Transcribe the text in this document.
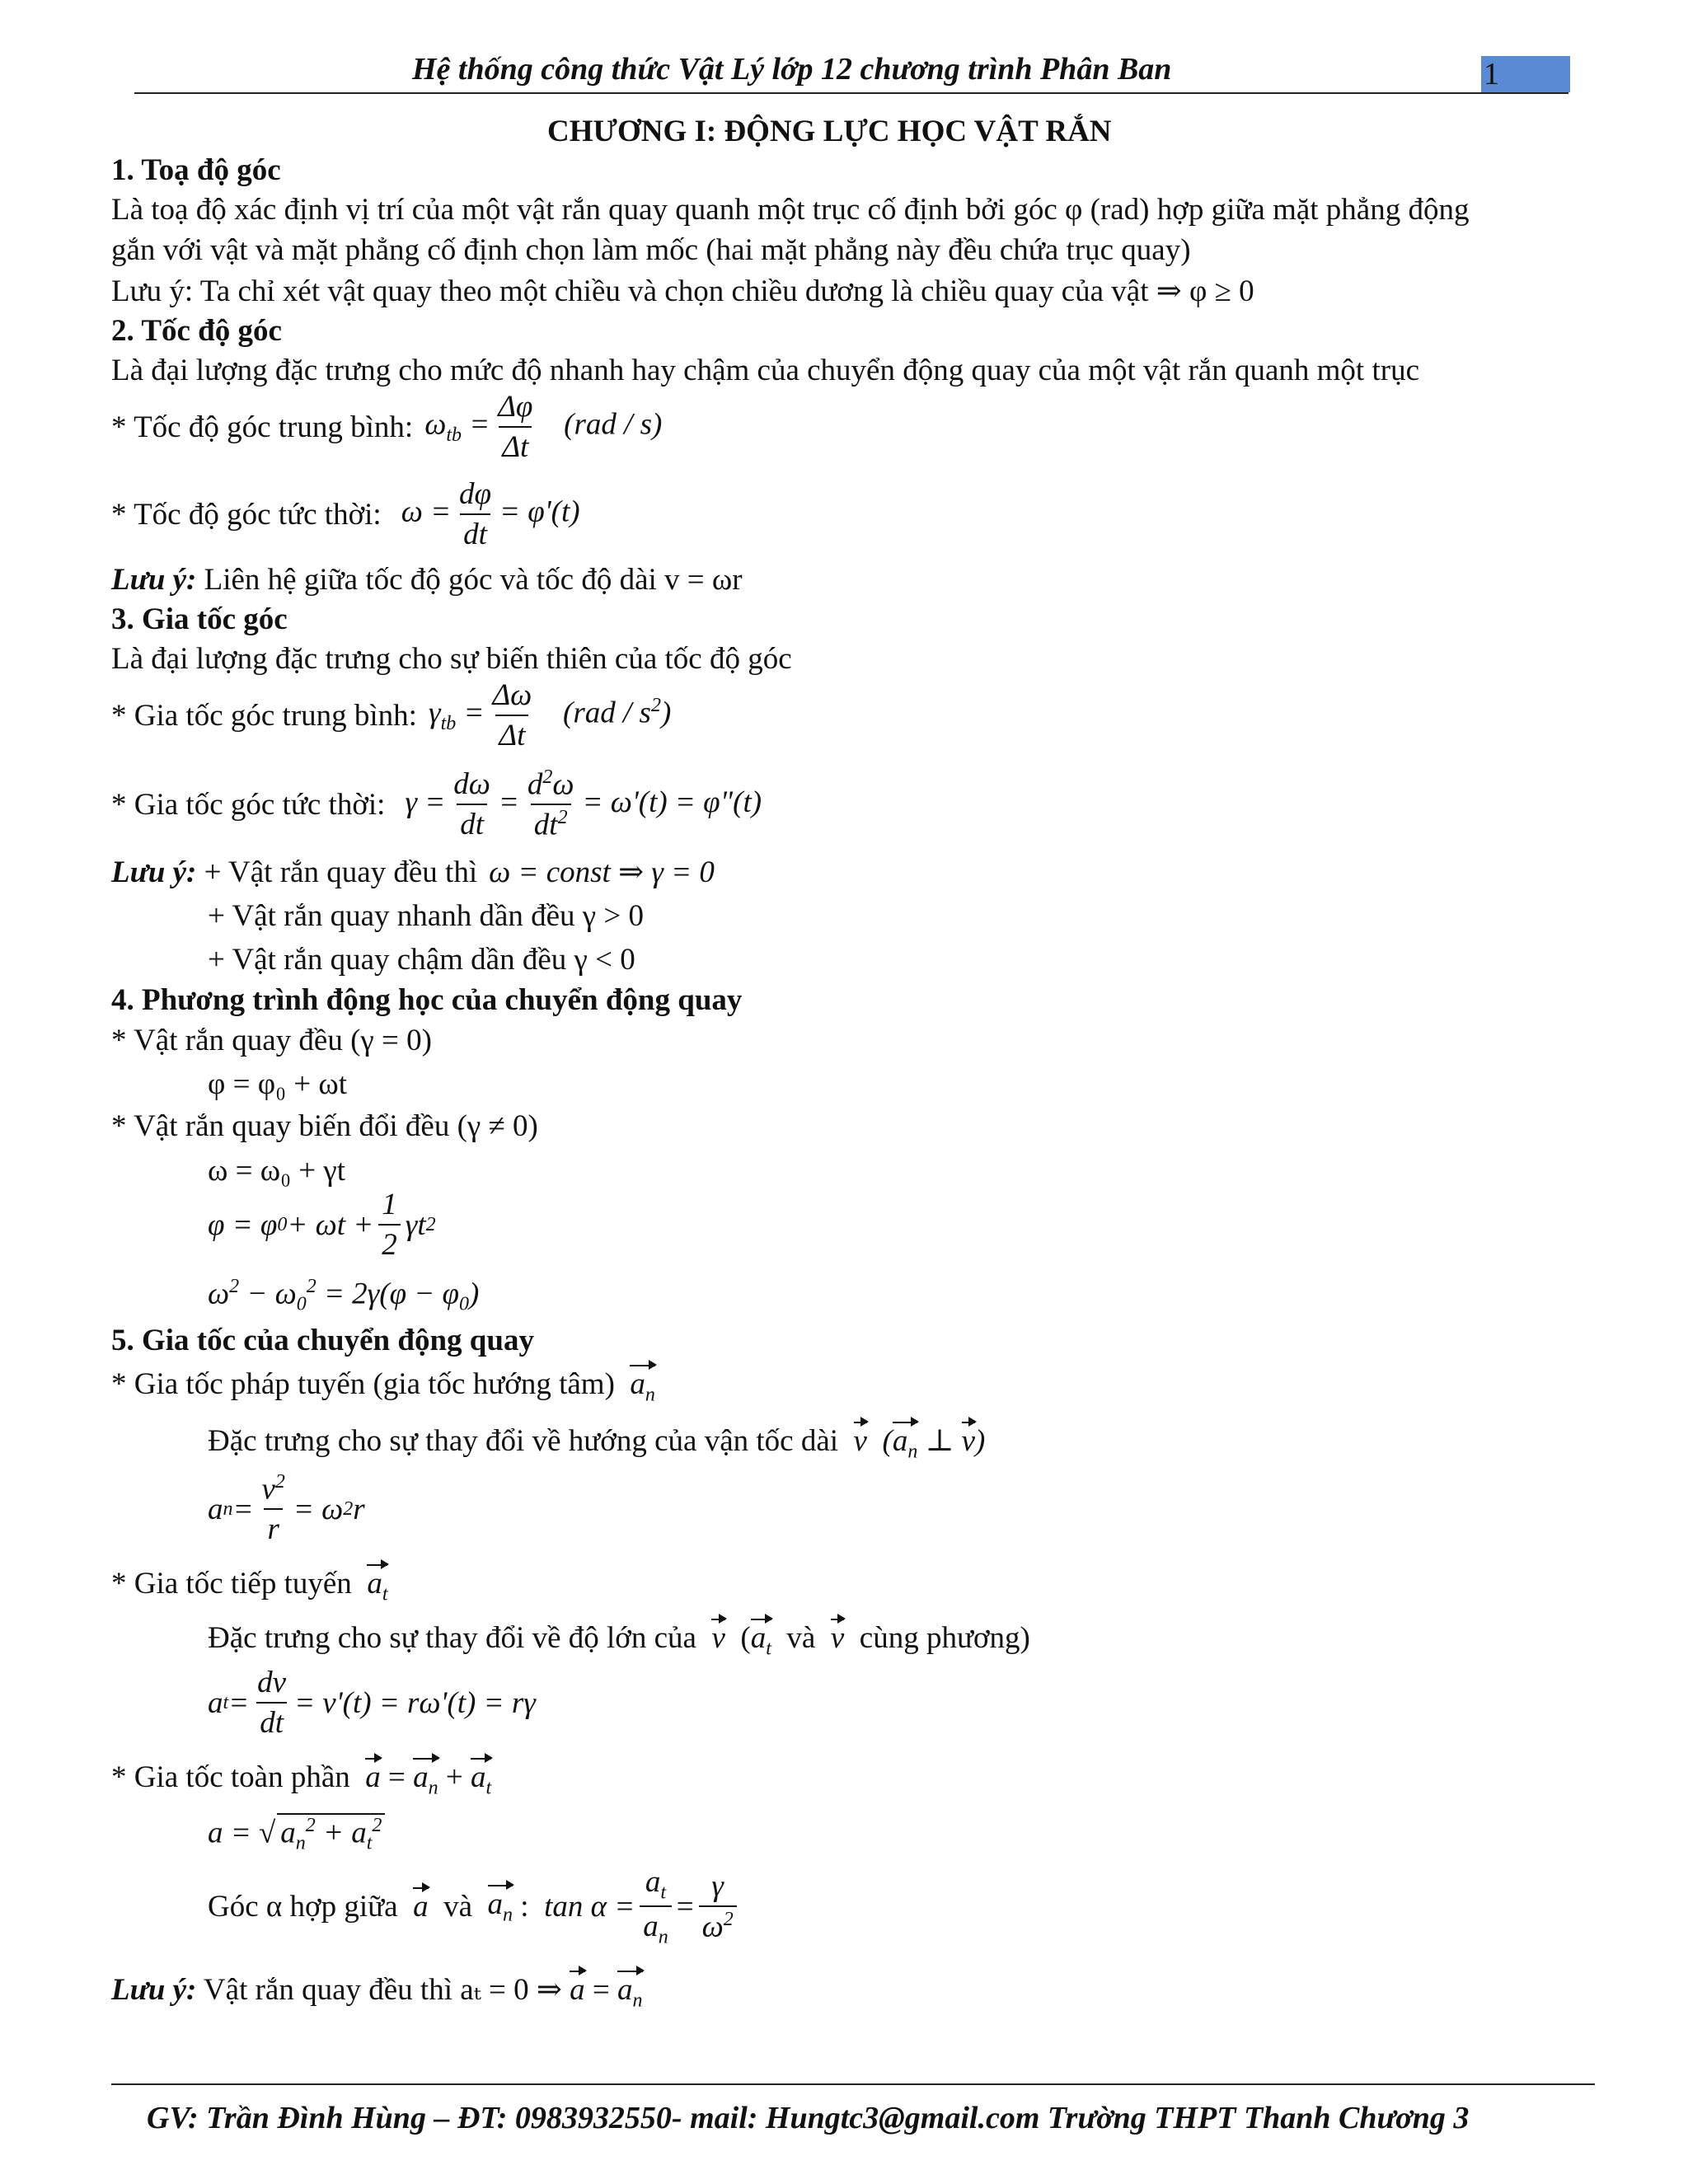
Hệ thống công thức Vật Lý lớp 12 chương trình Phân Ban	1
CHƯƠNG I: ĐỘNG LỰC HỌC VẬT RẮN
1. Toạ độ góc
Là toạ độ xác định vị trí của một vật rắn quay quanh một trục cố định bởi góc φ (rad) hợp giữa mặt phẳng động
gắn với vật và mặt phẳng cố định chọn làm mốc (hai mặt phẳng này đều chứa trục quay)
Lưu ý: Ta chỉ xét vật quay theo một chiều và chọn chiều dương là chiều quay của vật ⇒ φ ≥ 0
2. Tốc độ góc
Là đại lượng đặc trưng cho mức độ nhanh hay chậm của chuyển động quay của một vật rắn quanh một trục
* Tốc độ góc trung bình: $\omega_{tb} = \frac{\Delta\varphi}{\Delta t} (rad / s)$
* Tốc độ góc tức thời: $\omega = \frac{d\varphi}{dt} = \varphi'(t)$
Lưu ý: Liên hệ giữa tốc độ góc và tốc độ dài v = ωr
3. Gia tốc góc
Là đại lượng đặc trưng cho sự biến thiên của tốc độ góc
* Gia tốc góc trung bình: $\gamma_{tb} = \frac{\Delta\omega}{\Delta t} (rad / s^2)$
* Gia tốc góc tức thời: $\gamma = \frac{d\omega}{dt} = \frac{d^2\omega}{dt^2} = \omega'(t)$ = φ"(t)
Lưu ý: + Vật rắn quay đều thì ω = const ⇒ γ = 0
+ Vật rắn quay nhanh dần đều γ > 0
+ Vật rắn quay chậm dần đều γ < 0
4. Phương trình động học của chuyển động quay
* Vật rắn quay đều (γ = 0)
φ = φ₀ + ωt
* Vật rắn quay biến đổi đều (γ ≠ 0)
ω = ω₀ + γt
φ = φ $0 + \omega t + \frac{1}{2}$ γt 2
$\omega^2 - \omega_0^2 = 2\gamma(\varphi - \varphi_0)$
5. Gia tốc của chuyển động quay
* Gia tốc pháp tuyến (gia tốc hướng tâm) $a_n$
Đặc trưng cho sự thay đổi về hướng của vận tốc dài v ($a_n$ ⊥ v)
a $n = \frac{v^2}{r} = \omega$ 2 r
* Gia tốc tiếp tuyến $a_t$
Đặc trưng cho sự thay đổi về độ lớn của v  ($a_t$ và v cùng phương)
a $t = \frac{dv}{dt} = v'(t) = r\omega'(t) = r\gamma$
* Gia tốc toàn phần $a = a_n + a_t$
a = √ $a_n^2 + a_t^2$
Góc α hợp giữa
a
và
$a_n$ : $\tan \alpha = \frac{a_t}{a_n} = \frac{\gamma}{\omega^2}$
Lưu ý: Vật rắn quay đều thì aₜ = 0 ⇒ $a = a_n$
GV: Trần Đình Hùng – ĐT: 0983932550- mail: Hungtc3@gmail.com Trường THPT Thanh Chương 3
